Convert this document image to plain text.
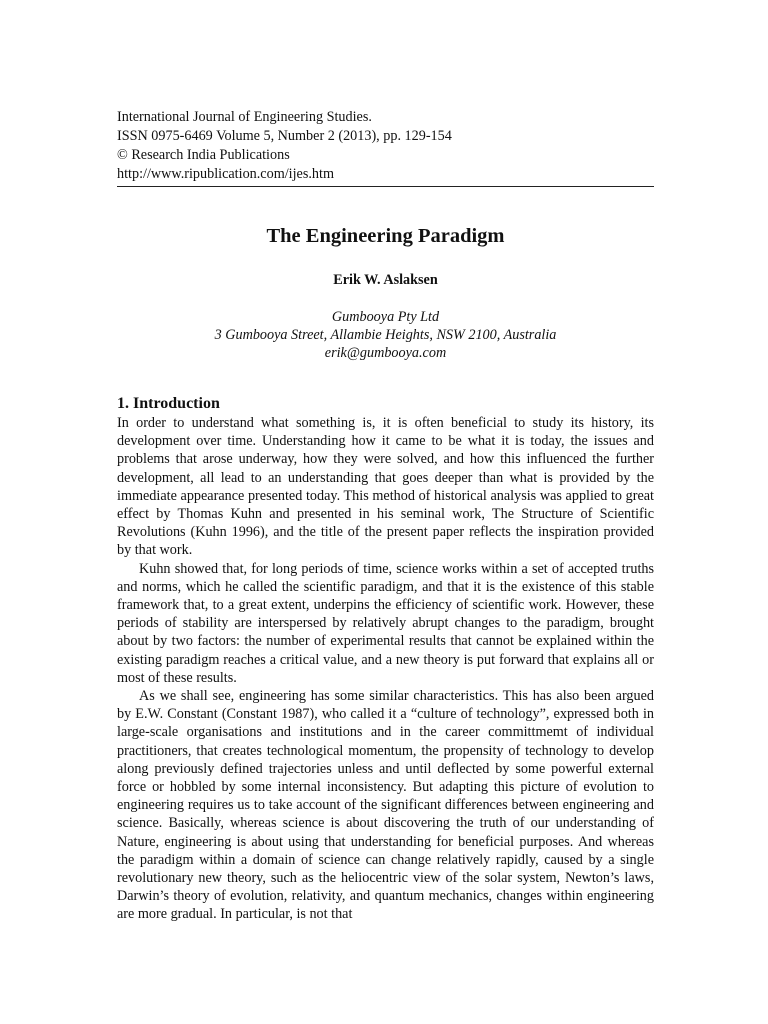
International Journal of Engineering Studies.
ISSN 0975-6469 Volume 5, Number 2 (2013), pp. 129-154
© Research India Publications
http://www.ripublication.com/ijes.htm
The Engineering Paradigm
Erik W. Aslaksen
Gumbooya Pty Ltd
3 Gumbooya Street, Allambie Heights, NSW 2100, Australia
erik@gumbooya.com
1. Introduction

In order to understand what something is, it is often beneficial to study its history, its development over time. Understanding how it came to be what it is today, the issues and problems that arose underway, how they were solved, and how this influenced the further development, all lead to an understanding that goes deeper than what is provided by the immediate appearance presented today. This method of historical analysis was applied to great effect by Thomas Kuhn and presented in his seminal work, The Structure of Scientific Revolutions (Kuhn 1996), and the title of the present paper reflects the inspiration provided by that work.

Kuhn showed that, for long periods of time, science works within a set of accepted truths and norms, which he called the scientific paradigm, and that it is the existence of this stable framework that, to a great extent, underpins the efficiency of scientific work. However, these periods of stability are interspersed by relatively abrupt changes to the paradigm, brought about by two factors: the number of experimental results that cannot be explained within the existing paradigm reaches a critical value, and a new theory is put forward that explains all or most of these results.

As we shall see, engineering has some similar characteristics. This has also been argued by E.W. Constant (Constant 1987), who called it a “culture of technology”, expressed both in large-scale organisations and institutions and in the career committmemt of individual practitioners, that creates technological momentum, the propensity of technology to develop along previously defined trajectories unless and until deflected by some powerful external force or hobbled by some internal inconsistency. But adapting this picture of evolution to engineering requires us to take account of the significant differences between engineering and science. Basically, whereas science is about discovering the truth of our understanding of Nature, engineering is about using that understanding for beneficial purposes. And whereas the paradigm within a domain of science can change relatively rapidly, caused by a single revolutionary new theory, such as the heliocentric view of the solar system, Newton’s laws, Darwin’s theory of evolution, relativity, and quantum mechanics, changes within engineering are more gradual. In particular, is not that
